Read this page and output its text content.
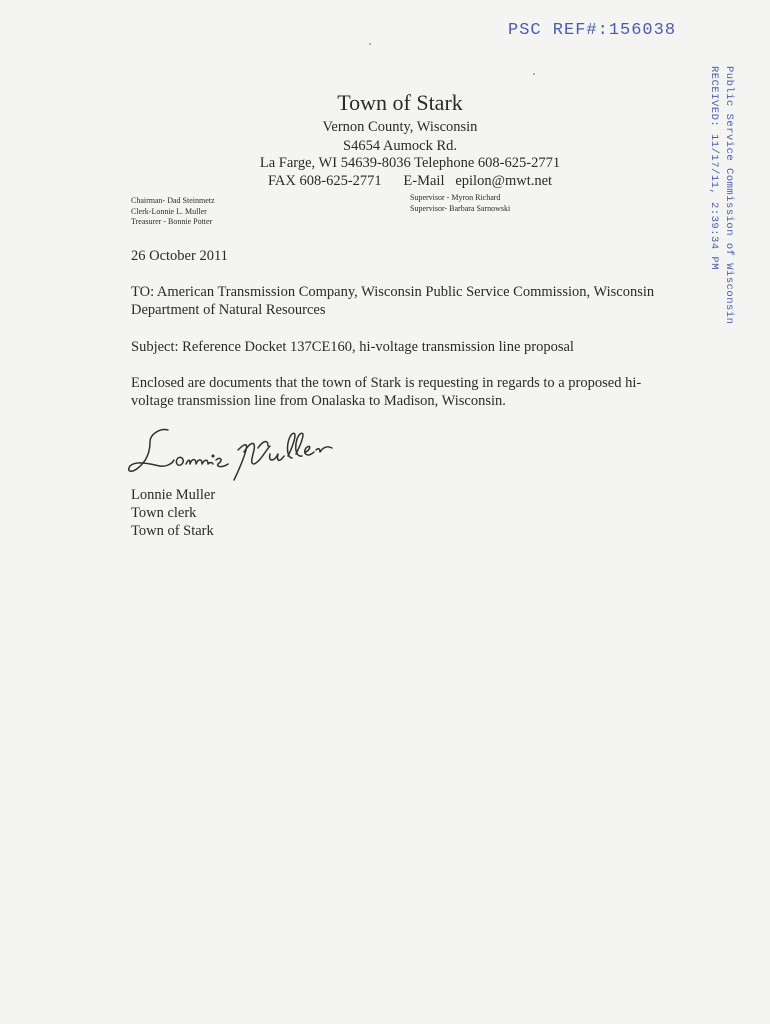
PSC REF#:156038
Public Service Commission of Wisconsin
RECEIVED: 11/17/11, 2:39:34 PM
Town of Stark
Vernon County, Wisconsin
S4654 Aumock Rd.
La Farge, WI 54639-8036 Telephone 608-625-2771
FAX 608-625-2771      E-Mail   epilon@mwt.net
Chairman- Dad Steinmetz
Clerk-Lonnie L. Muller
Treasurer - Bonnie Potter
Supervisor - Myron Richard
Supervisor- Barbara Sarnowski
26 October 2011
TO: American Transmission Company, Wisconsin Public Service Commission, Wisconsin
Department of Natural Resources
Subject: Reference Docket 137CE160, hi-voltage transmission line proposal
Enclosed are documents that the town of Stark is requesting in regards to a proposed hi-
voltage transmission line from Onalaska to Madison, Wisconsin.
Lonnie Muller
Town clerk
Town of Stark
